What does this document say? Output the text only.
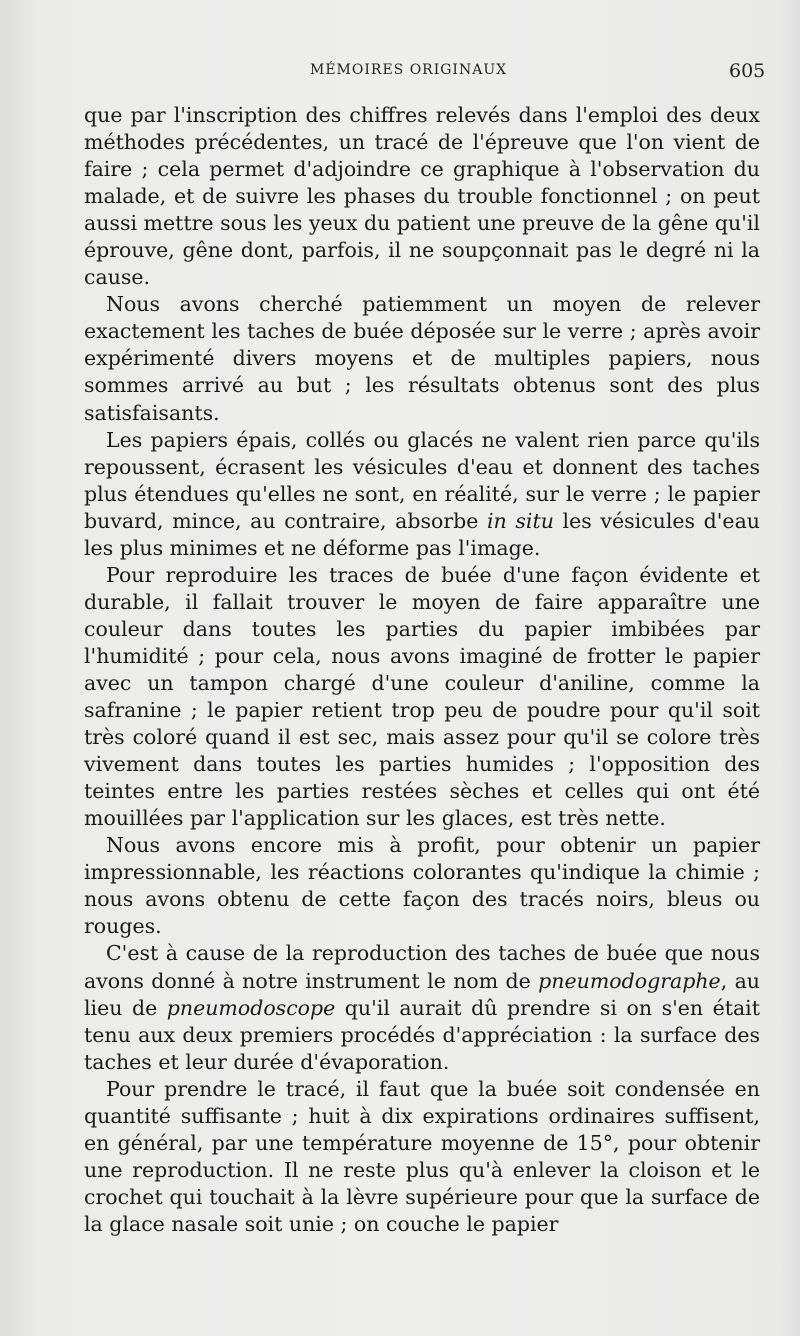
MÉMOIRES ORIGINAUX	605

que par l'inscription des chiffres relevés dans l'emploi des deux méthodes précédentes, un tracé de l'épreuve que l'on vient de faire ; cela permet d'adjoindre ce graphique à l'observation du malade, et de suivre les phases du trouble fonctionnel ; on peut aussi mettre sous les yeux du patient une preuve de la gêne qu'il éprouve, gêne dont, parfois, il ne soupçonnait pas le degré ni la cause.

Nous avons cherché patiemment un moyen de relever exactement les taches de buée déposée sur le verre ; après avoir expérimenté divers moyens et de multiples papiers, nous sommes arrivé au but ; les résultats obtenus sont des plus satisfaisants.

Les papiers épais, collés ou glacés ne valent rien parce qu'ils repoussent, écrasent les vésicules d'eau et donnent des taches plus étendues qu'elles ne sont, en réalité, sur le verre ; le papier buvard, mince, au contraire, absorbe in situ les vésicules d'eau les plus minimes et ne déforme pas l'image.

Pour reproduire les traces de buée d'une façon évidente et durable, il fallait trouver le moyen de faire apparaître une couleur dans toutes les parties du papier imbibées par l'humidité ; pour cela, nous avons imaginé de frotter le papier avec un tampon chargé d'une couleur d'aniline, comme la safranine ; le papier retient trop peu de poudre pour qu'il soit très coloré quand il est sec, mais assez pour qu'il se colore très vivement dans toutes les parties humides ; l'opposition des teintes entre les parties restées sèches et celles qui ont été mouillées par l'application sur les glaces, est très nette.

Nous avons encore mis à profit, pour obtenir un papier impressionnable, les réactions colorantes qu'indique la chimie ; nous avons obtenu de cette façon des tracés noirs, bleus ou rouges.

C'est à cause de la reproduction des taches de buée que nous avons donné à notre instrument le nom de pneumodographe, au lieu de pneumodoscope qu'il aurait dû prendre si on s'en était tenu aux deux premiers procédés d'appréciation : la surface des taches et leur durée d'évaporation.

Pour prendre le tracé, il faut que la buée soit condensée en quantité suffisante ; huit à dix expirations ordinaires suffisent, en général, par une température moyenne de 15°, pour obtenir une reproduction. Il ne reste plus qu'à enlever la cloison et le crochet qui touchait à la lèvre supérieure pour que la surface de la glace nasale soit unie ; on couche le papier
